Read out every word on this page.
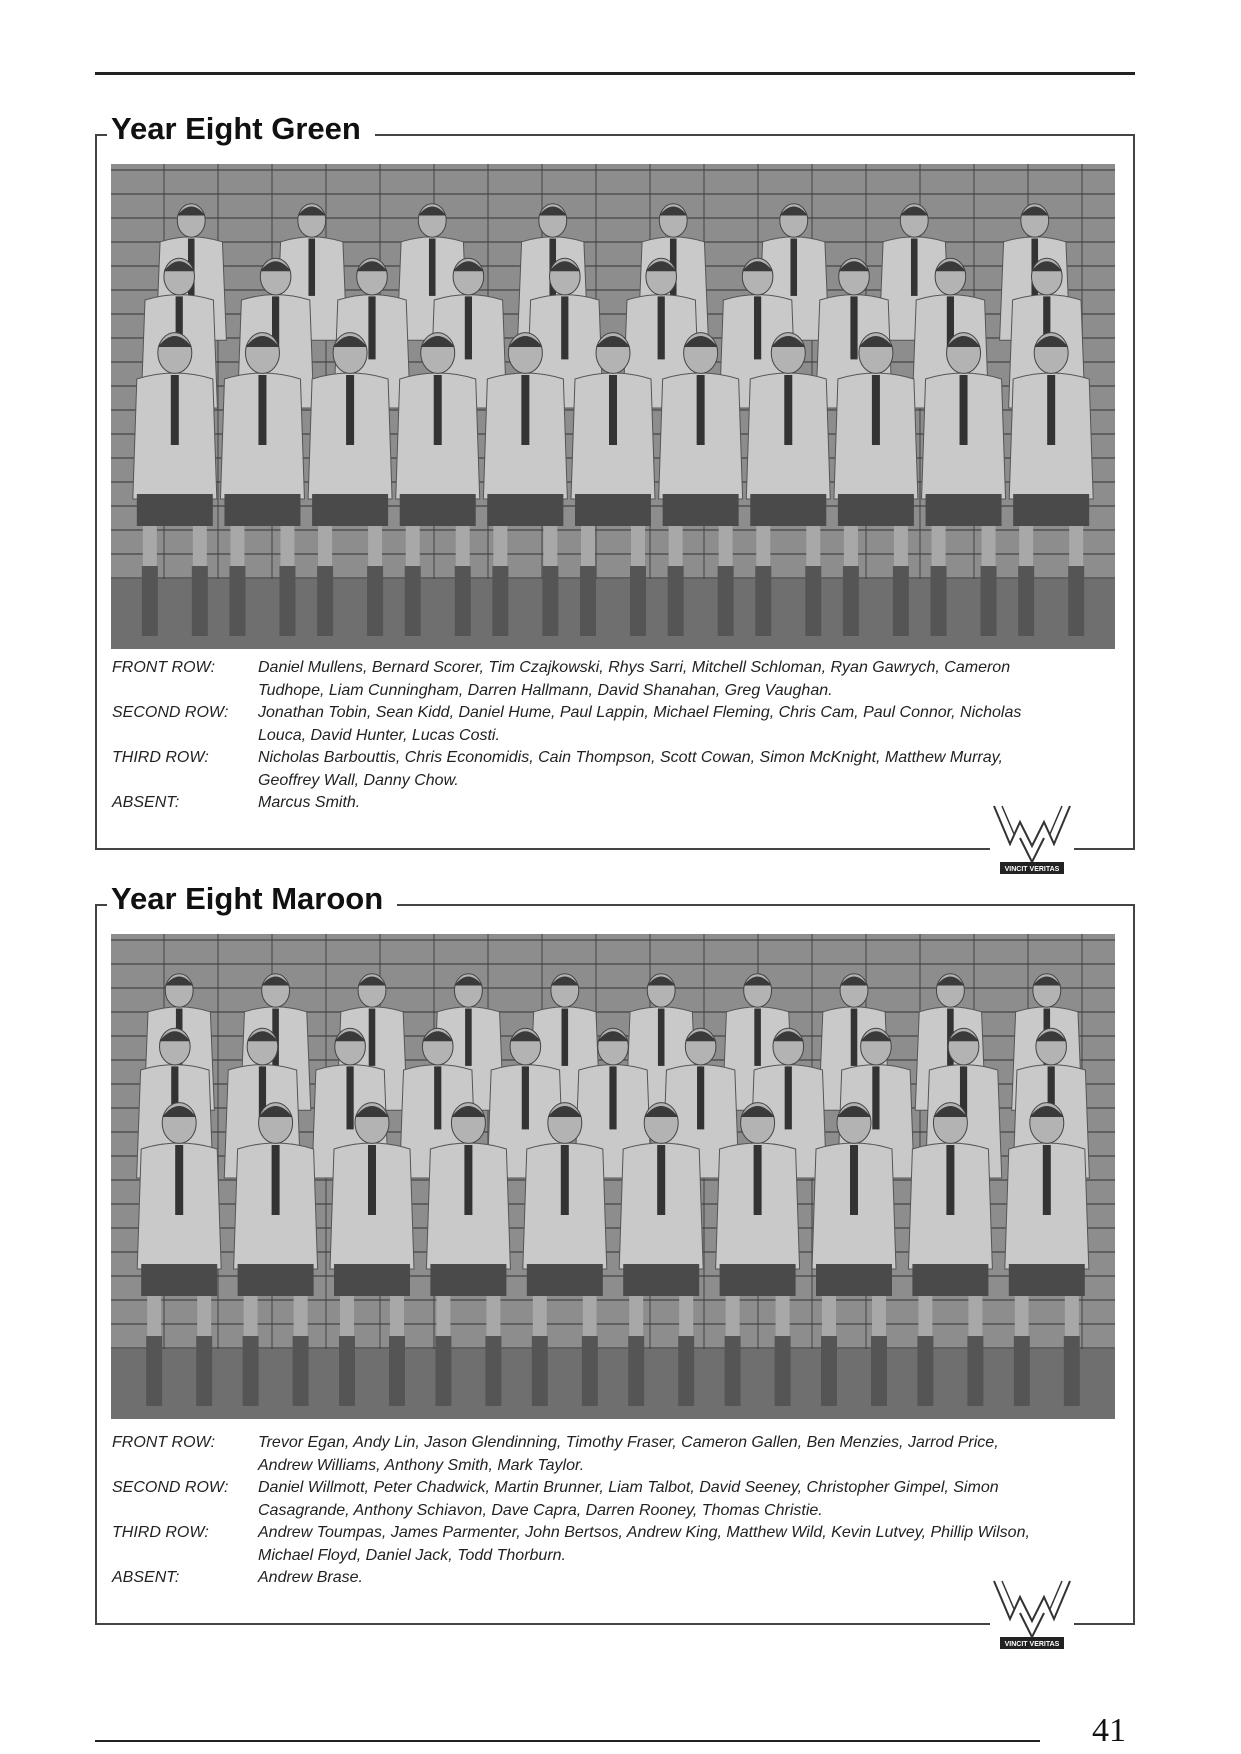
Year Eight Green
FRONT ROW:	Daniel Mullens, Bernard Scorer, Tim Czajkowski, Rhys Sarri, Mitchell Schloman, Ryan Gawrych, Cameron Tudhope, Liam Cunningham, Darren Hallmann, David Shanahan, Greg Vaughan.
SECOND ROW:	Jonathan Tobin, Sean Kidd, Daniel Hume, Paul Lappin, Michael Fleming, Chris Cam, Paul Connor, Nicholas Louca, David Hunter, Lucas Costi.
THIRD ROW:	Nicholas Barbouttis, Chris Economidis, Cain Thompson, Scott Cowan, Simon McKnight, Matthew Murray, Geoffrey Wall, Danny Chow.
ABSENT:	Marcus Smith.
VINCIT VERITAS
Year Eight Maroon
FRONT ROW:	Trevor Egan, Andy Lin, Jason Glendinning, Timothy Fraser, Cameron Gallen, Ben Menzies, Jarrod Price, Andrew Williams, Anthony Smith, Mark Taylor.
SECOND ROW:	Daniel Willmott, Peter Chadwick, Martin Brunner, Liam Talbot, David Seeney, Christopher Gimpel, Simon Casagrande, Anthony Schiavon, Dave Capra, Darren Rooney, Thomas Christie.
THIRD ROW:	Andrew Toumpas, James Parmenter, John Bertsos, Andrew King, Matthew Wild, Kevin Lutvey, Phillip Wilson, Michael Floyd, Daniel Jack, Todd Thorburn.
ABSENT:	Andrew Brase.
VINCIT VERITAS
41
